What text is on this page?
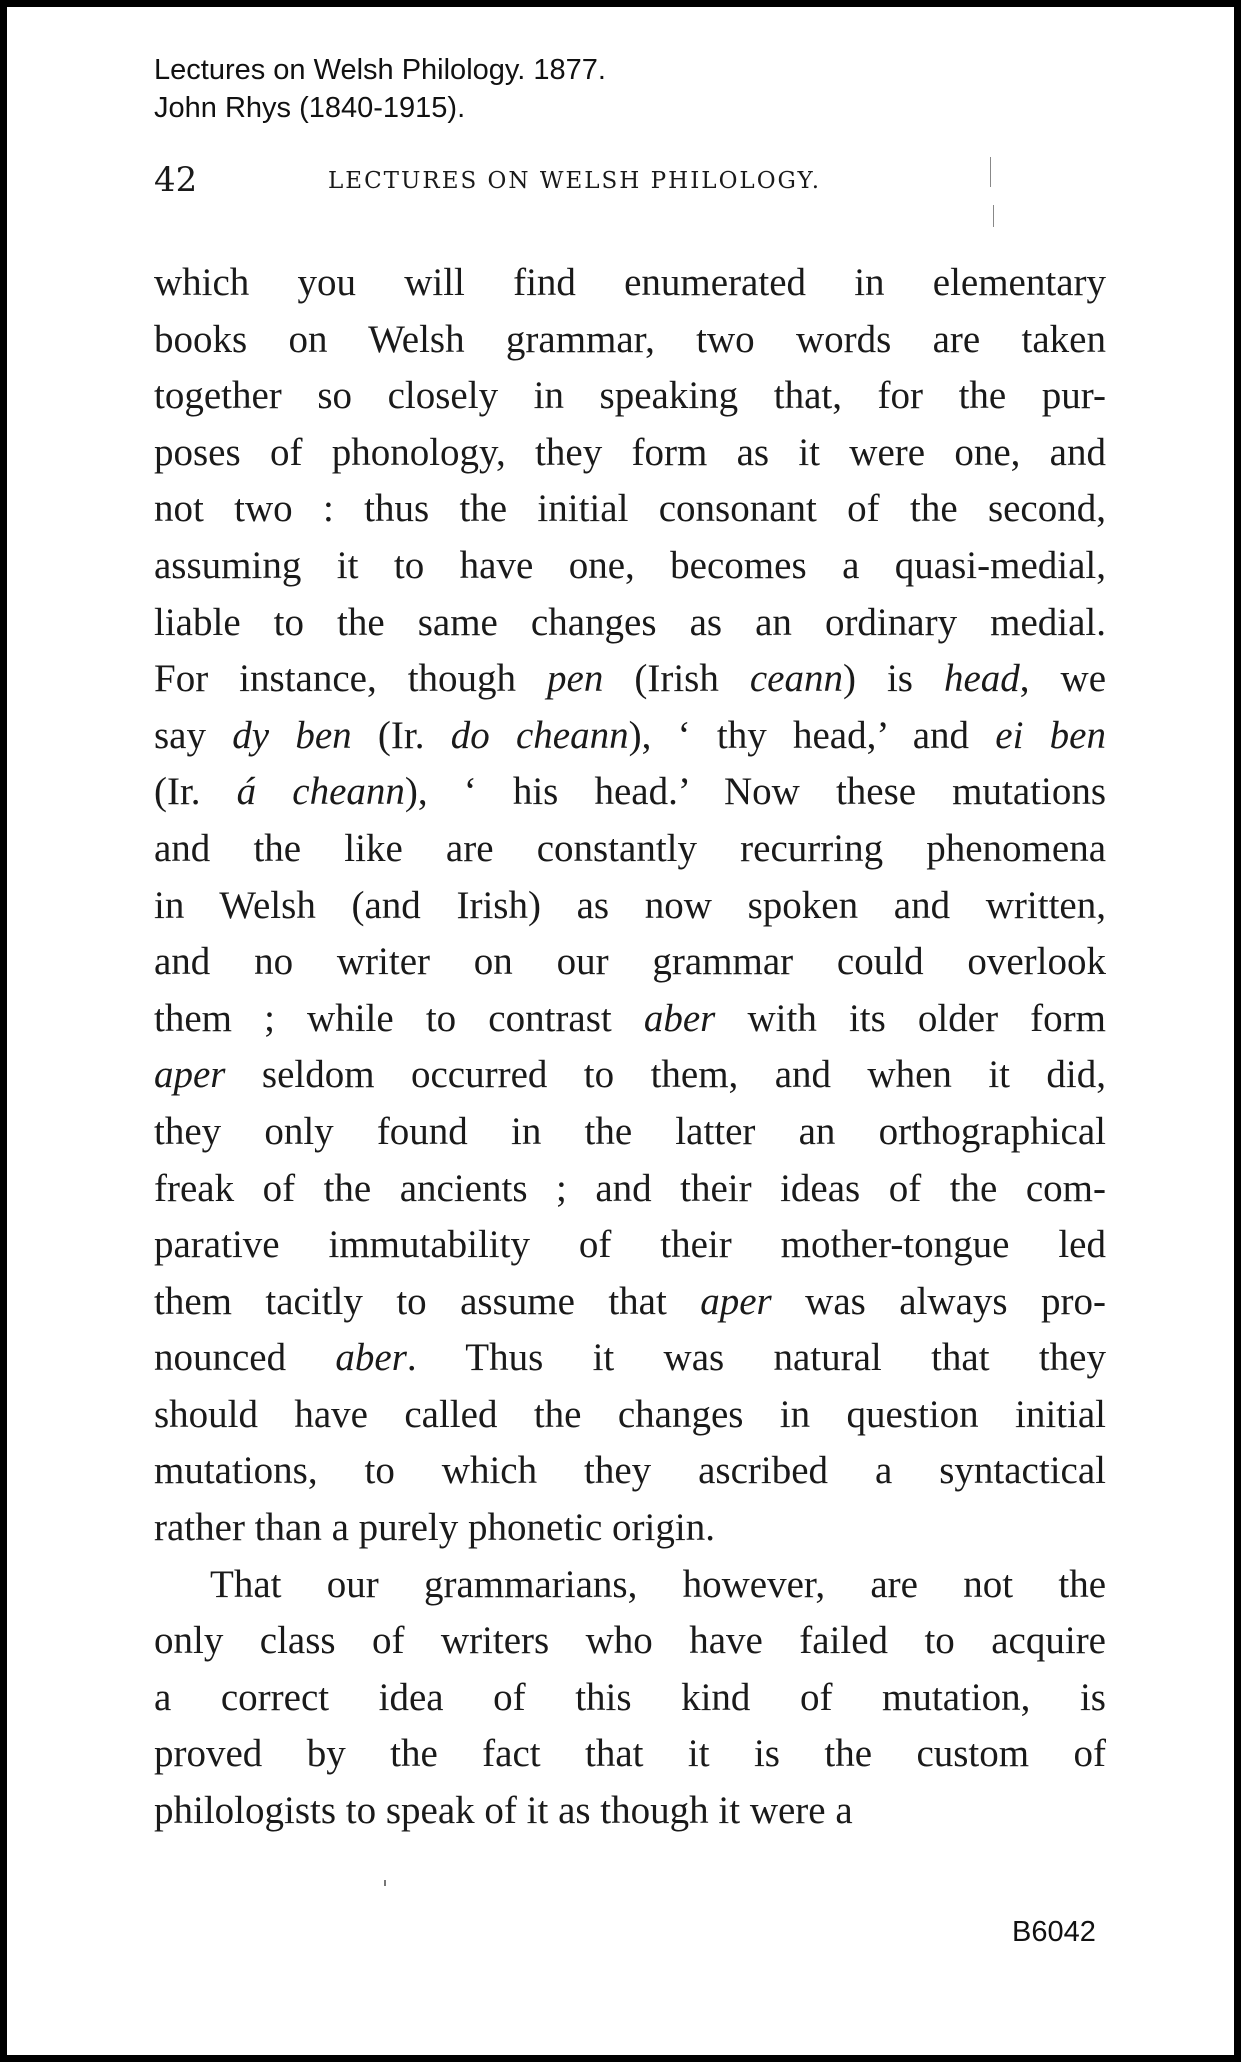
Lectures on Welsh Philology. 1877.
John Rhys (1840-1915).
42	LECTURES ON WELSH PHILOLOGY.
which you will find enumerated in elementary
books on Welsh grammar, two words are taken
together so closely in speaking that, for the pur-
poses of phonology, they form as it were one, and
not two : thus the initial consonant of the second,
assuming it to have one, becomes a quasi-medial,
liable to the same changes as an ordinary medial.
For instance, though pen (Irish ceann) is head, we
say dy ben (Ir. do cheann), ‘ thy head,’ and ei ben
(Ir. á cheann), ‘ his head.’ Now these mutations
and the like are constantly recurring phenomena
in Welsh (and Irish) as now spoken and written,
and no writer on our grammar could overlook
them ; while to contrast aber with its older form
aper seldom occurred to them, and when it did,
they only found in the latter an orthographical
freak of the ancients ; and their ideas of the com-
parative immutability of their mother-tongue led
them tacitly to assume that aper was always pro-
nounced aber. Thus it was natural that they
should have called the changes in question initial
mutations, to which they ascribed a syntactical
rather than a purely phonetic origin.
That our grammarians, however, are not the
only class of writers who have failed to acquire
a correct idea of this kind of mutation, is
proved by the fact that it is the custom of
philologists to speak of it as though it were a
B6042
